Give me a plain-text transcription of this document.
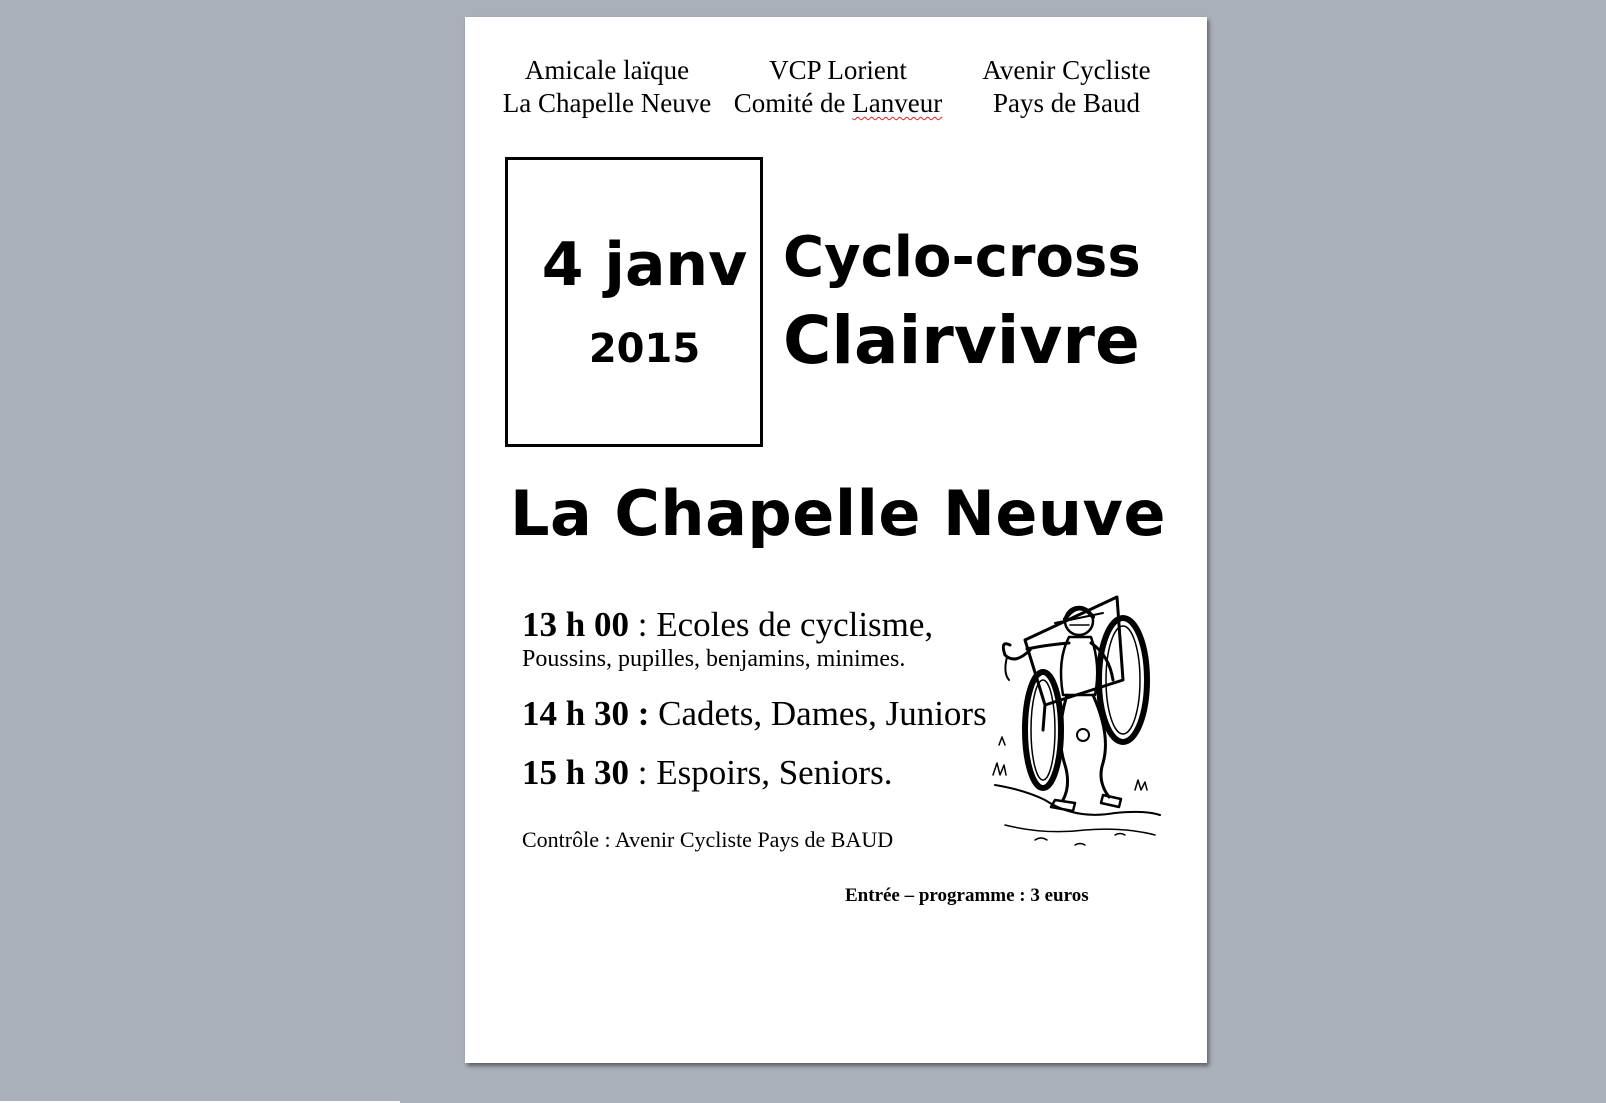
Amicale laïque
La Chapelle Neuve
VCP Lorient
Comité de Lanveur
Avenir Cycliste
Pays de Baud
4 janv
2015
Cyclo-cross
Clairvivre
La Chapelle Neuve
13 h 00 : Ecoles de cyclisme,
Poussins, pupilles, benjamins, minimes.
14 h 30 : Cadets, Dames, Juniors
15 h 30 : Espoirs, Seniors.
Contrôle : Avenir Cycliste Pays de BAUD
Entrée – programme : 3 euros
